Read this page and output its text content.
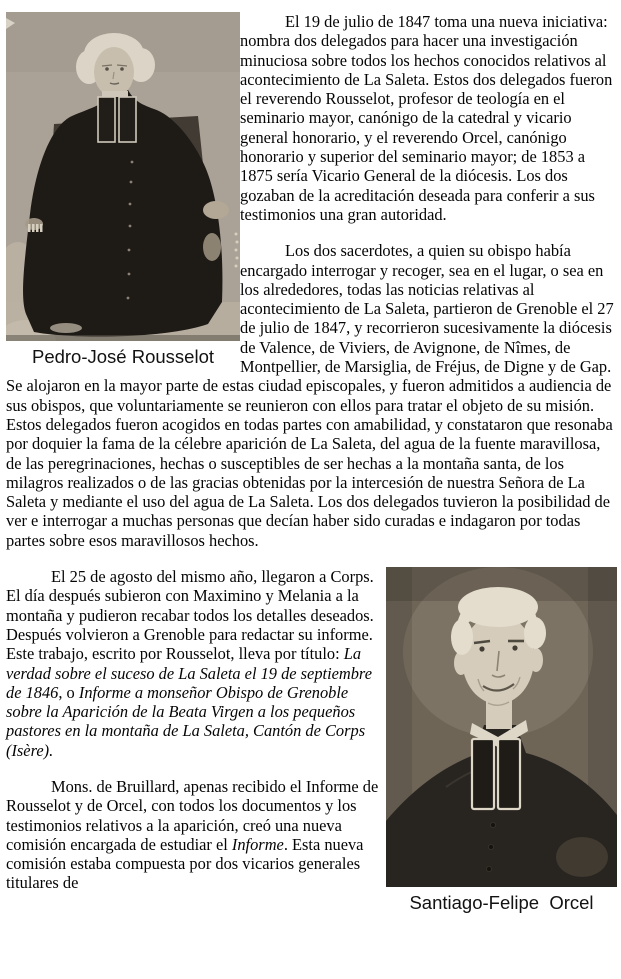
Pedro-José Rousselot

El 19 de julio de 1847 toma una nueva iniciativa: nombra dos delegados para hacer una investigación minuciosa sobre todos los hechos conocidos relativos al acontecimiento de La Saleta. Estos dos delegados fueron el reverendo Rousselot, profesor de teología en el seminario mayor, canónigo de la catedral y vicario general honorario, y el reverendo Orcel, canónigo honorario y superior del seminario mayor; de 1853 a 1875 sería Vicario General de la diócesis. Los dos gozaban de la acreditación deseada para conferir a sus testimonios una gran autoridad.

Los dos sacerdotes, a quien su obispo había encargado interrogar y recoger, sea en el lugar, o sea en los alrededores, todas las noticias relativas al acontecimiento de La Saleta, partieron de Grenoble el 27 de julio de 1847, y recorrieron sucesivamente la diócesis de Valence, de Viviers, de Avignone, de Nîmes, de Montpellier, de Marsiglia, de Fréjus, de Digne y de Gap. Se alojaron en la mayor parte de estas ciudad episcopales, y fueron admitidos a audiencia de sus obispos, que voluntariamente se reunieron con ellos para tratar el objeto de su misión. Estos delegados fueron acogidos en todas partes con amabilidad, y constataron que resonaba por doquier la fama de la célebre aparición de La Saleta, del agua de la fuente maravillosa, de las peregrinaciones, hechas o susceptibles de ser hechas a la montaña santa, de los milagros realizados o de las gracias obtenidas por la intercesión de nuestra Señora de La Saleta y mediante el uso del agua de La Saleta. Los dos delegados tuvieron la posibilidad de ver e interrogar a muchas personas que decían haber sido curadas e indagaron por todas partes sobre esos maravillosos hechos.

Santiago-Felipe  Orcel

El 25 de agosto del mismo año, llegaron a Corps. El día después subieron con Maximino y Melania a la montaña y pudieron recabar todos los detalles deseados. Después volvieron a Grenoble para redactar su informe. Este trabajo, escrito por Rousselot, lleva por título: La verdad sobre el suceso de La Saleta el 19 de septiembre de 1846, o Informe a monseñor Obispo de Grenoble sobre la Aparición de la Beata Virgen a los pequeños pastores en la montaña de La Saleta, Cantón de Corps (Isère).

Mons. de Bruillard, apenas recibido el Informe de Rousselot y de Orcel, con todos los documentos y los testimonios relativos a la aparición, creó una nueva comisión encargada de estudiar el Informe. Esta nueva comisión estaba compuesta por dos vicarios generales titulares de
